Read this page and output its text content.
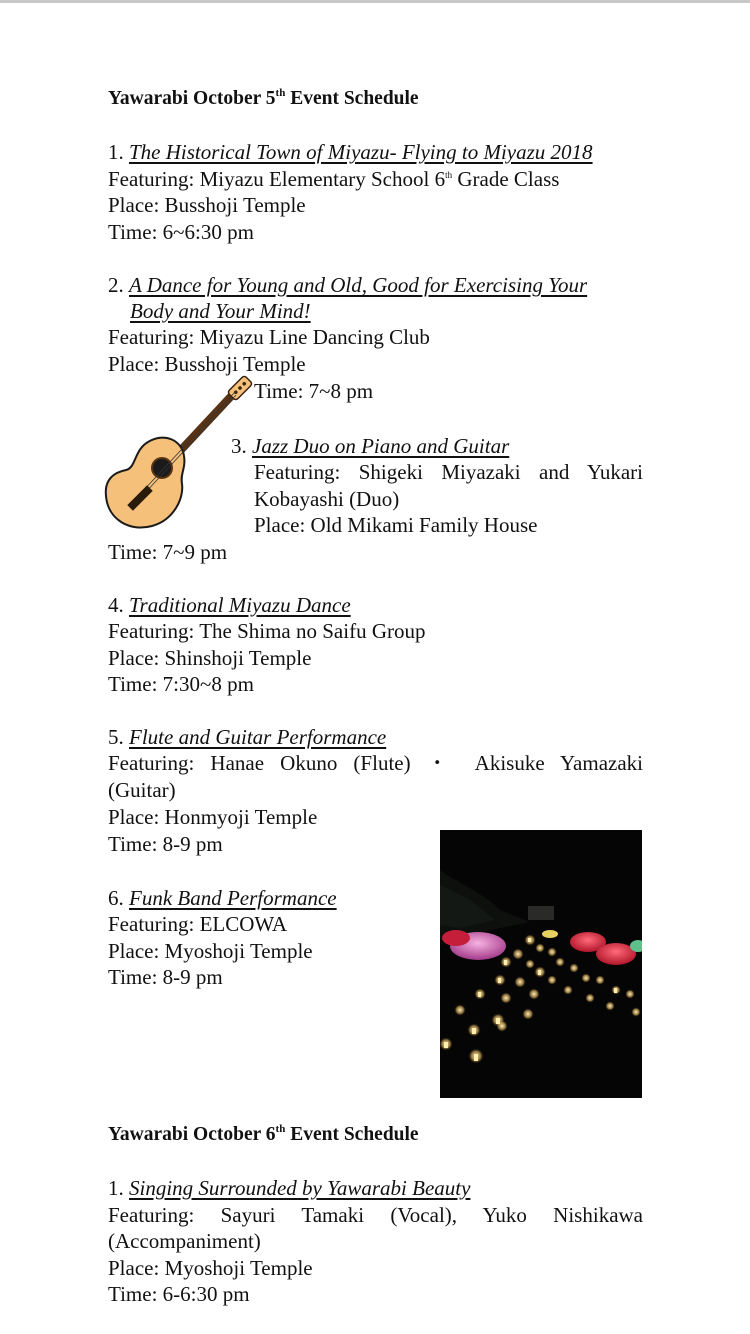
Yawarabi October 5th Event Schedule
1. The Historical Town of Miyazu- Flying to Miyazu 2018
Featuring: Miyazu Elementary School 6th Grade Class
Place: Busshoji Temple
Time: 6~6:30 pm
2. A Dance for Young and Old, Good for Exercising Your
Body and Your Mind!
Featuring: Miyazu Line Dancing Club
Place: Busshoji Temple
Time: 7~8 pm
3. Jazz Duo on Piano and Guitar
Featuring: Shigeki Miyazaki and Yukari
Kobayashi (Duo)
Place: Old Mikami Family House
Time: 7~9 pm
4. Traditional Miyazu Dance
Featuring: The Shima no Saifu Group
Place: Shinshoji Temple
Time: 7:30~8 pm
5. Flute and Guitar Performance
Featuring: Hanae Okuno (Flute) ・ Akisuke Yamazaki
(Guitar)
Place: Honmyoji Temple
Time: 8-9 pm
6. Funk Band Performance
Featuring: ELCOWA
Place: Myoshoji Temple
Time: 8-9 pm
Yawarabi October 6th Event Schedule
1. Singing Surrounded by Yawarabi Beauty
Featuring: Sayuri Tamaki (Vocal), Yuko Nishikawa
(Accompaniment)
Place: Myoshoji Temple
Time: 6-6:30 pm
